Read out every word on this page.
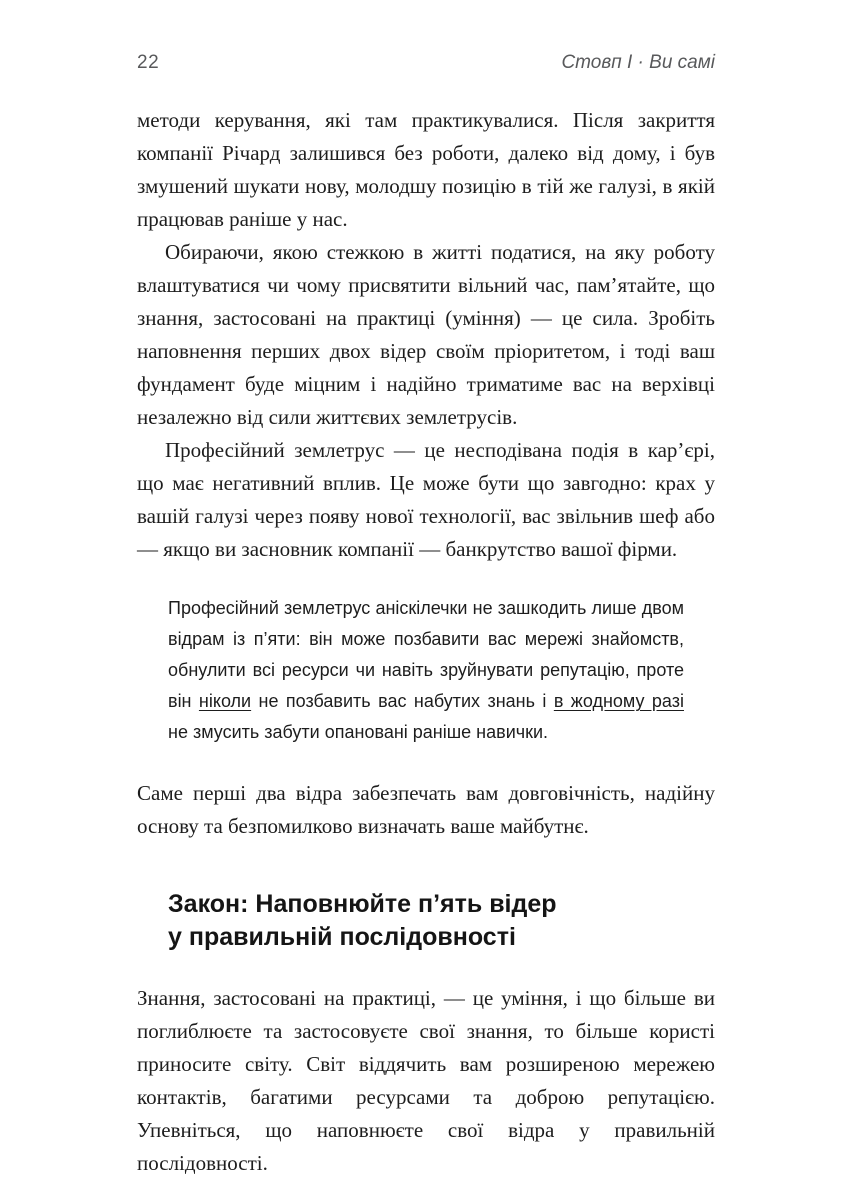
22	Стовп І · Ви самі

методи керування, які там практикувалися. Після закриття компанії Річард залишився без роботи, далеко від дому, і був змушений шукати нову, молодшу позицію в тій же галузі, в якій працював раніше у нас.

Обираючи, якою стежкою в житті податися, на яку роботу влаштуватися чи чому присвятити вільний час, пам’ятайте, що знання, застосовані на практиці (уміння) — це сила. Зробіть наповнення перших двох відер своїм пріоритетом, і тоді ваш фундамент буде міцним і надійно триматиме вас на верхівці незалежно від сили життєвих землетрусів.

Професійний землетрус — це несподівана подія в кар’єрі, що має негативний вплив. Це може бути що завгодно: крах у вашій галузі через появу нової технології, вас звільнив шеф або — якщо ви засновник компанії — банкрутство вашої фірми.

Професійний землетрус аніскілечки не зашкодить лише двом відрам із п’яти: він може позбавити вас мережі знайомств, обнулити всі ресурси чи навіть зруйнувати репутацію, проте він ніколи не позбавить вас набутих знань і в жодному разі не змусить забути опановані раніше навички.

Саме перші два відра забезпечать вам довговічність, надійну основу та безпомилково визначать ваше майбутнє.

Закон: Наповнюйте п’ять відер
у правильній послідовності

Знання, застосовані на практиці, — це уміння, і що більше ви поглиблюєте та застосовуєте свої знання, то більше користі приносите світу. Світ віддячить вам розширеною мережею контактів, багатими ресурсами та доброю репутацією. Упевніться, що наповнюєте свої відра у правильній послідовності.
